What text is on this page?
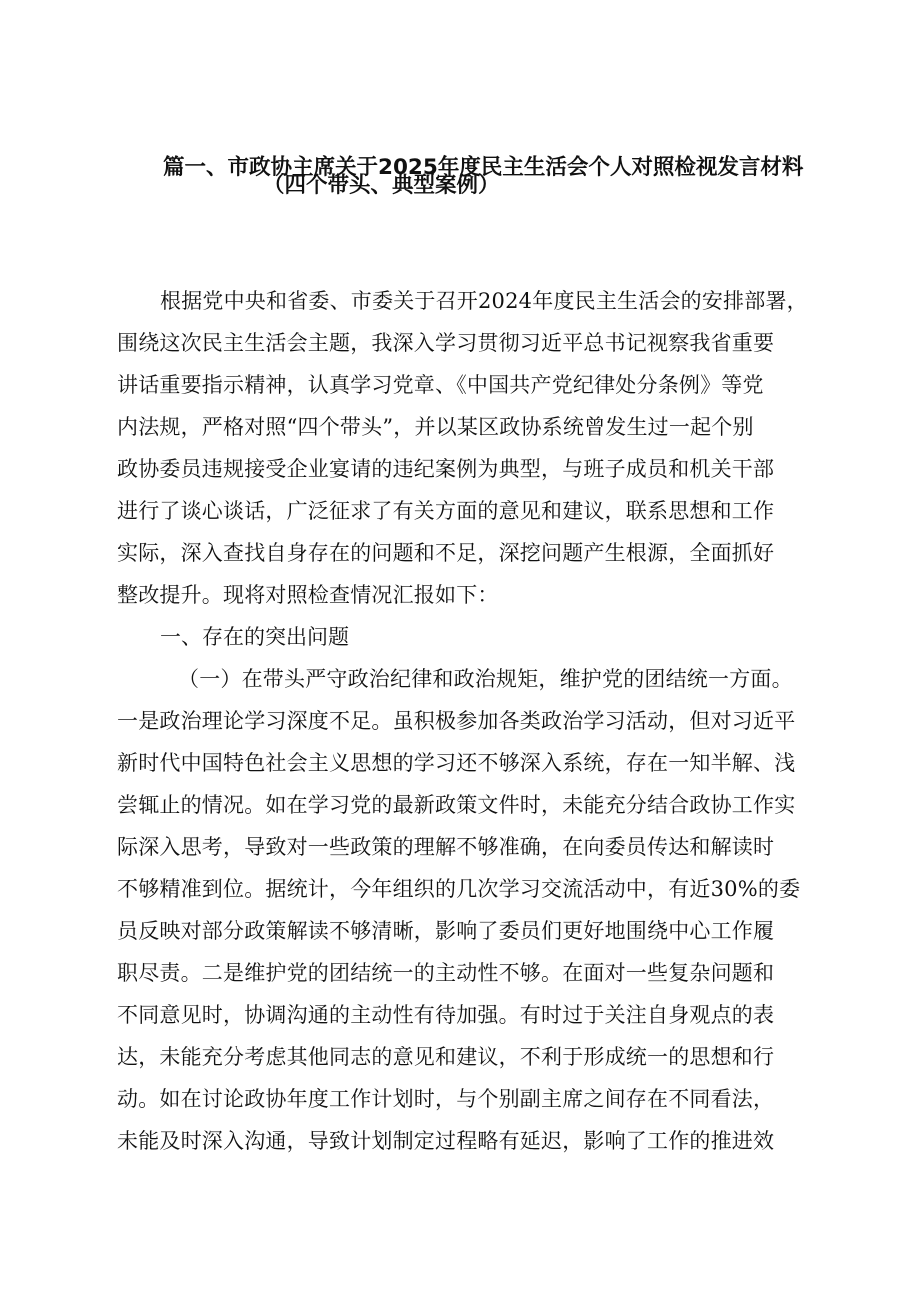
篇一、市政协主席关于2025年度民主生活会个人对照检视发言材料
（四个带头、典型案例）
根据党中央和省委、市委关于召开2024年度民主生活会的安排部署，
围绕这次民主生活会主题，我深入学习贯彻习近平总书记视察我省重要
讲话重要指示精神，认真学习党章、《中国共产党纪律处分条例》等党
内法规，严格对照“四个带头”，并以某区政协系统曾发生过一起个别
政协委员违规接受企业宴请的违纪案例为典型，与班子成员和机关干部
进行了谈心谈话，广泛征求了有关方面的意见和建议，联系思想和工作
实际，深入查找自身存在的问题和不足，深挖问题产生根源，全面抓好
整改提升。现将对照检查情况汇报如下：
一、存在的突出问题
（一）在带头严守政治纪律和政治规矩，维护党的团结统一方面。
一是政治理论学习深度不足。虽积极参加各类政治学习活动，但对习近平
新时代中国特色社会主义思想的学习还不够深入系统，存在一知半解、浅
尝辄止的情况。如在学习党的最新政策文件时，未能充分结合政协工作实
际深入思考，导致对一些政策的理解不够准确，在向委员传达和解读时
不够精准到位。据统计，今年组织的几次学习交流活动中，有近30%的委
员反映对部分政策解读不够清晰，影响了委员们更好地围绕中心工作履
职尽责。二是维护党的团结统一的主动性不够。在面对一些复杂问题和
不同意见时，协调沟通的主动性有待加强。有时过于关注自身观点的表
达，未能充分考虑其他同志的意见和建议，不利于形成统一的思想和行
动。如在讨论政协年度工作计划时，与个别副主席之间存在不同看法，
未能及时深入沟通，导致计划制定过程略有延迟，影响了工作的推进效
